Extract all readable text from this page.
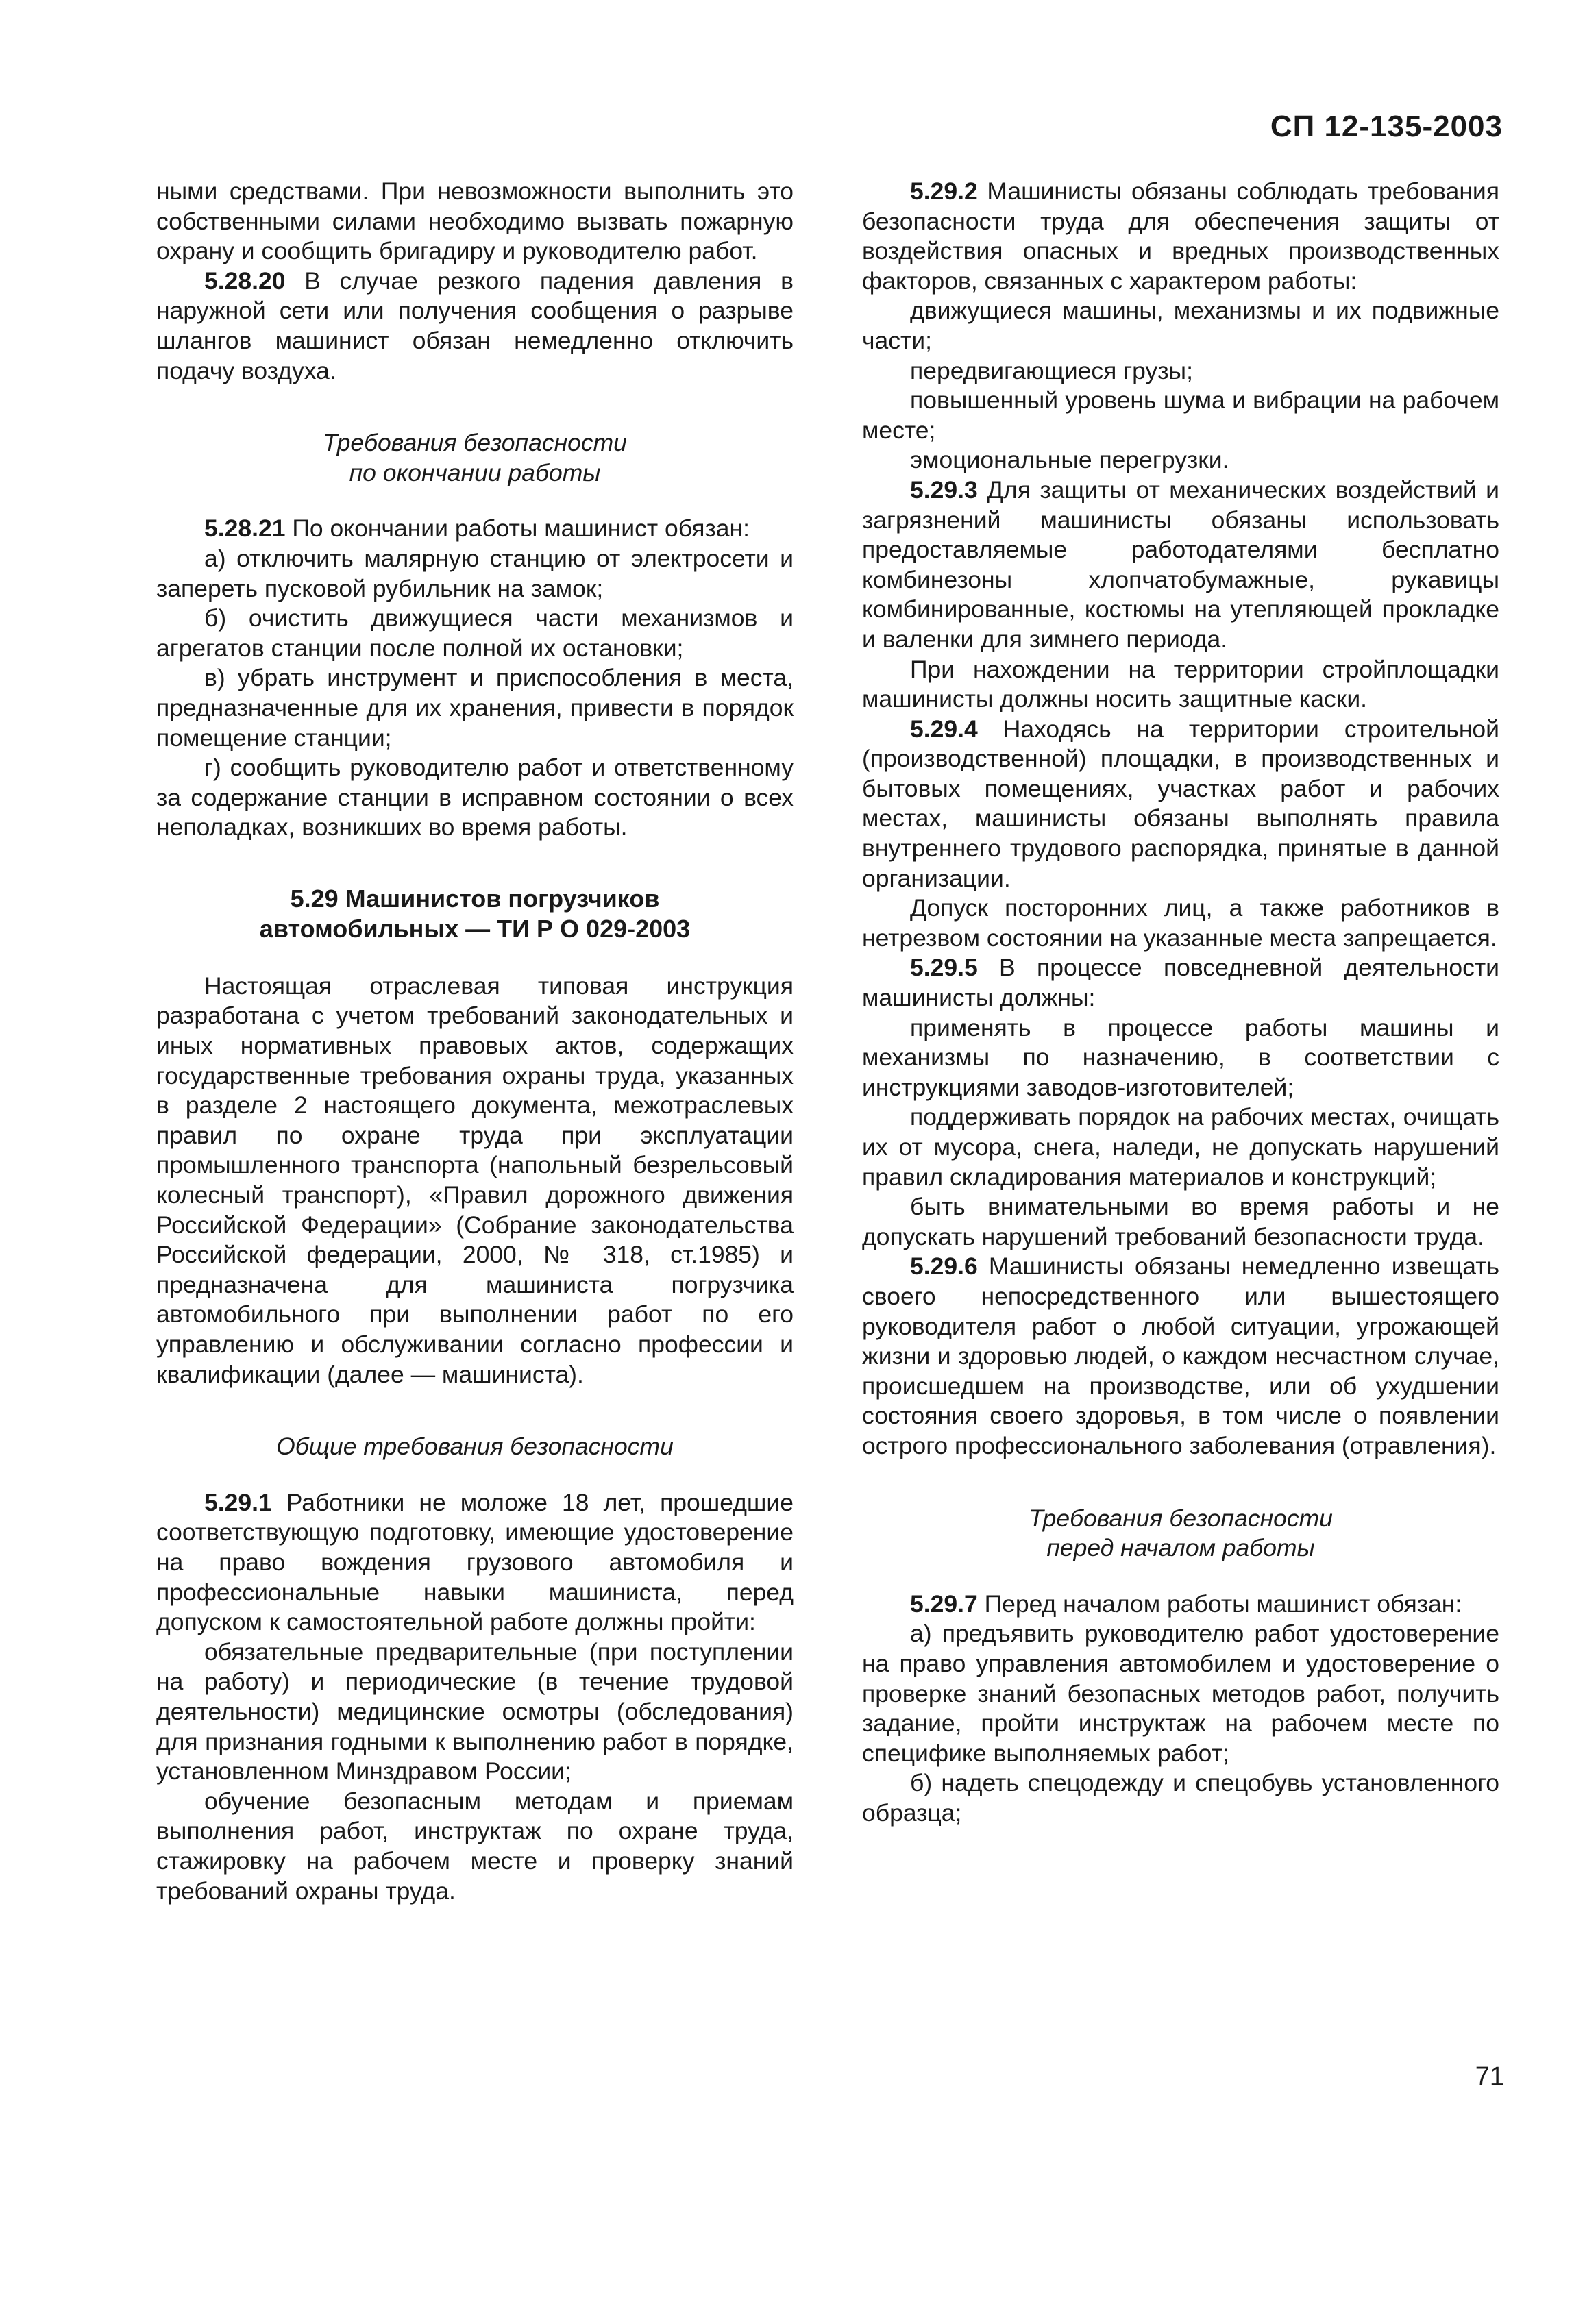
СП 12-135-2003

ными средствами. При невозможности выполнить это собственными силами необходимо вызвать пожарную охрану и сообщить бригадиру и руководителю работ.

5.28.20 В случае резкого падения давления в наружной сети или получения сообщения о разрыве шлангов машинист обязан немедленно отключить подачу воздуха.

Требования безопасности
по окончании работы

5.28.21 По окончании работы машинист обязан:

а) отключить малярную станцию от электросети и запереть пусковой рубильник на замок;

б) очистить движущиеся части механизмов и агрегатов станции после полной их остановки;

в) убрать инструмент и приспособления в места, предназначенные для их хранения, привести в порядок помещение станции;

г) сообщить руководителю работ и ответственному за содержание станции в исправном состоянии о всех неполадках, возникших во время работы.

5.29 Машинистов погрузчиков
автомобильных — ТИ Р О 029-2003

Настоящая отраслевая типовая инструкция разработана с учетом требований законодательных и иных нормативных правовых актов, содержащих государственные требования охраны труда, указанных в разделе 2 настоящего документа, межотраслевых правил по охране труда при эксплуатации промышленного транспорта (напольный безрельсовый колесный транспорт), «Правил дорожного движения Российской Федерации» (Собрание законодательства Российской федерации, 2000, № 318, ст.1985) и предназначена для машиниста погрузчика автомобильного при выполнении работ по его управлению и обслуживании согласно профессии и квалификации (далее — машиниста).

Общие требования безопасности

5.29.1 Работники не моложе 18 лет, прошедшие соответствующую подготовку, имеющие удостоверение на право вождения грузового автомобиля и профессиональные навыки машиниста, перед допуском к самостоятельной работе должны пройти:

обязательные предварительные (при поступлении на работу) и периодические (в течение трудовой деятельности) медицинские осмотры (обследования) для признания годными к выполнению работ в порядке, установленном Минздравом России;

обучение безопасным методам и приемам выполнения работ, инструктаж по охране труда, стажировку на рабочем месте и проверку знаний требований охраны труда.

5.29.2 Машинисты обязаны соблюдать требования безопасности труда для обеспечения защиты от воздействия опасных и вредных производственных факторов, связанных с характером работы:

движущиеся машины, механизмы и их подвижные части;

передвигающиеся грузы;

повышенный уровень шума и вибрации на рабочем месте;

эмоциональные перегрузки.

5.29.3 Для защиты от механических воздействий и загрязнений машинисты обязаны использовать предоставляемые работодателями бесплатно комбинезоны хлопчатобумажные, рукавицы комбинированные, костюмы на утепляющей прокладке и валенки для зимнего периода.

При нахождении на территории стройплощадки машинисты должны носить защитные каски.

5.29.4 Находясь на территории строительной (производственной) площадки, в производственных и бытовых помещениях, участках работ и рабочих местах, машинисты обязаны выполнять правила внутреннего трудового распорядка, принятые в данной организации.

Допуск посторонних лиц, а также работников в нетрезвом состоянии на указанные места запрещается.

5.29.5 В процессе повседневной деятельности машинисты должны:

применять в процессе работы машины и механизмы по назначению, в соответствии с инструкциями заводов-изготовителей;

поддерживать порядок на рабочих местах, очищать их от мусора, снега, наледи, не допускать нарушений правил складирования материалов и конструкций;

быть внимательными во время работы и не допускать нарушений требований безопасности труда.

5.29.6 Машинисты обязаны немедленно извещать своего непосредственного или вышестоящего руководителя работ о любой ситуации, угрожающей жизни и здоровью людей, о каждом несчастном случае, происшедшем на производстве, или об ухудшении состояния своего здоровья, в том числе о появлении острого профессионального заболевания (отравления).

Требования безопасности
перед началом работы

5.29.7 Перед началом работы машинист обязан:

а) предъявить руководителю работ удостоверение на право управления автомобилем и удостоверение о проверке знаний безопасных методов работ, получить задание, пройти инструктаж на рабочем месте по специфике выполняемых работ;

б) надеть спецодежду и спецобувь установленного образца;

71
